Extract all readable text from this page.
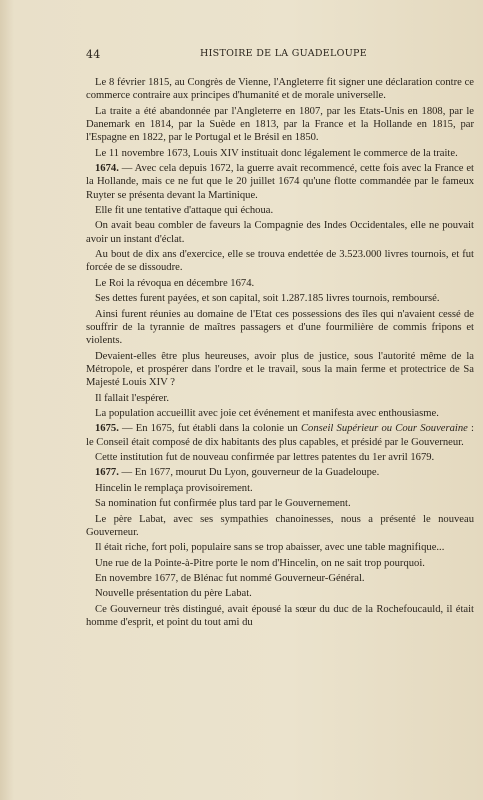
44	HISTOIRE DE LA GUADELOUPE

Le 8 février 1815, au Congrès de Vienne, l'Angleterre fit signer une déclaration contre ce commerce contraire aux principes d'humanité et de morale universelle.

La traite a été abandonnée par l'Angleterre en 1807, par les Etats-Unis en 1808, par le Danemark en 1814, par la Suède en 1813, par la France et la Hollande en 1815, par l'Espagne en 1822, par le Portugal et le Brésil en 1850.

Le 11 novembre 1673, Louis XIV instituait donc légalement le commerce de la traite.

1674. — Avec cela depuis 1672, la guerre avait recommencé, cette fois avec la France et la Hollande, mais ce ne fut que le 20 juillet 1674 qu'une flotte commandée par le fameux Ruyter se présenta devant la Martinique.

Elle fit une tentative d'attaque qui échoua.

On avait beau combler de faveurs la Compagnie des Indes Occidentales, elle ne pouvait avoir un instant d'éclat.

Au bout de dix ans d'exercice, elle se trouva endettée de 3.523.000 livres tournois, et fut forcée de se dissoudre.

Le Roi la révoqua en décembre 1674.

Ses dettes furent payées, et son capital, soit 1.287.185 livres tournois, remboursé.

Ainsi furent réunies au domaine de l'Etat ces possessions des îles qui n'avaient cessé de souffrir de la tyrannie de maîtres passagers et d'une fourmilière de commis fripons et violents.

Devaient-elles être plus heureuses, avoir plus de justice, sous l'autorité même de la Métropole, et prospérer dans l'ordre et le travail, sous la main ferme et protectrice de Sa Majesté Louis XIV ?

Il fallait l'espérer.

La population accueillit avec joie cet événement et manifesta avec enthousiasme.

1675. — En 1675, fut établi dans la colonie un Conseil Supérieur ou Cour Souveraine : le Conseil était composé de dix habitants des plus capables, et présidé par le Gouverneur.

Cette institution fut de nouveau confirmée par lettres patentes du 1er avril 1679.

1677. — En 1677, mourut Du Lyon, gouverneur de la Guadeloupe.

Hincelin le remplaça provisoirement.

Sa nomination fut confirmée plus tard par le Gouvernement.

Le père Labat, avec ses sympathies chanoinesses, nous a présenté le nouveau Gouverneur.

Il était riche, fort poli, populaire sans se trop abaisser, avec une table magnifique...

Une rue de la Pointe-à-Pitre porte le nom d'Hincelin, on ne sait trop pourquoi.

En novembre 1677, de Blénac fut nommé Gouverneur-Général.

Nouvelle présentation du père Labat.

Ce Gouverneur très distingué, avait épousé la sœur du duc de la Rochefoucauld, il était homme d'esprit, et point du tout ami du
